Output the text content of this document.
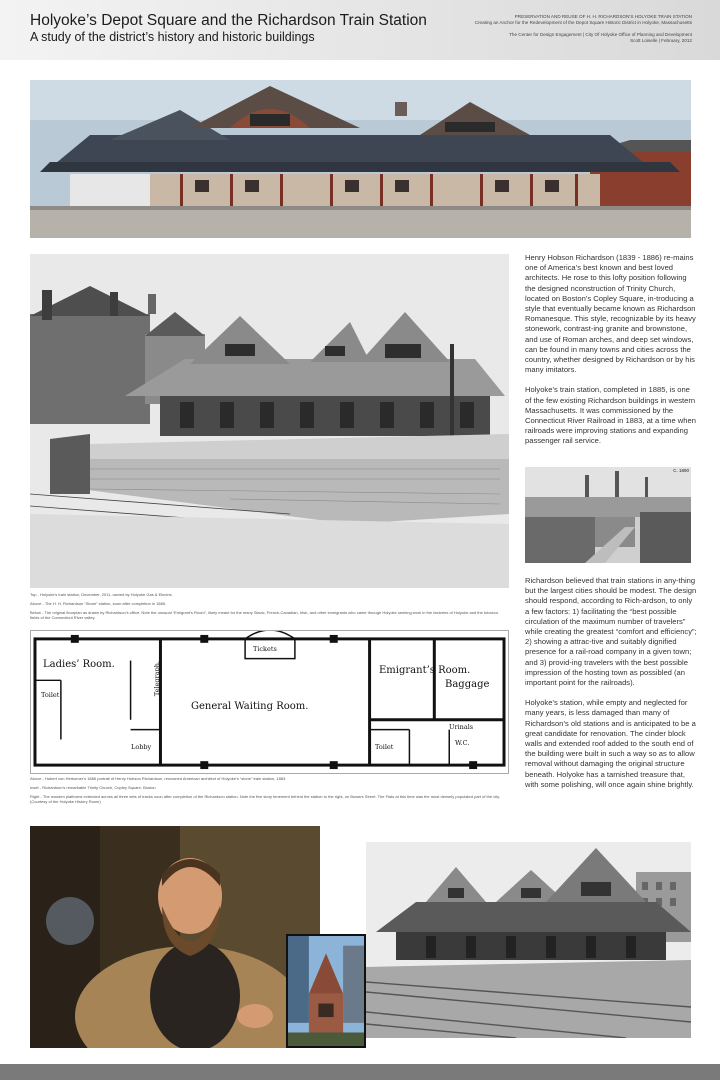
Holyoke’s Depot Square and the Richardson Train Station
A study of the district’s history and historic buildings
PRESERVATION AND REUSE OF H. H. RICHARDSON’S HOLYOKE TRAIN STATION
Creating an Anchor for the Redevelopment of the Depot Square Historic District in Holyoke, Massachusetts
The Center for Design Engagement | City Of Holyoke Office of Planning and Development
Scott Loiselle | February, 2012

Henry Hobson Richardson (1839 - 1886) re-mains one of America’s best known and best loved architects. He rose to this lofty position following the designed nconstruction of Trinity Church, located on Boston’s Copley Square, in-troducing a style that eventually became known as Richardson Romanesque. This style, recognizable by its heavy stonework, contrast-ing granite and brownstone, and use of Roman arches, and deep set windows, can be found in many towns and cities across the country, whether designed by Richardson or by his many imitators.

Holyoke’s train station, completed in 1885, is one of the few existing Richardson buildings in western Massachusetts. It was commissioned by the Connecticut River Railroad in 1883, at a time when railroads were improving stations and expanding passenger rail service.

C. 1890

Top - Holyoke’s train station, December, 2011, owned by Holyoke Gas & Electric.

Above - The H. H. Richardson “Stone” station, soon after completion in 1885.

Below - The original floorplan as drawn by Richardson’s office. Note the unusual “Emigrant’s Room”, likely meant for the many Slavic, French-Canadian, Irish, and other immigrants who came through Holyoke seeking work in the factories of Holyoke and the tobacco fields of the Connecticut River valley.

Ladies’ Room.	Telegraph.
Tickets
General Waiting Room.
Emigrant’s Room.
Baggage
Toilet
Lobby
Urinals
W.C.
Toilet

Richardson believed that train stations in any-thing but the largest cities should be modest. The design should respond, according to Rich-ardson, to only a few factors: 1) facilitating the “best possible circulation of the maximum number of travelers” while creating the greatest “comfort and efficiency”; 2) showing a attrac-tive and suitably dignified presence for a rail-road company in a given town; and 3) provid-ing travelers with the best possible impression of the hosting town as possibled (an important point for the railroads).

Holyoke’s station, while empty and neglected for many years, is less damaged than many of Richardson’s old stations and is anticipated to be a great candidate for renovation. The cinder block walls and extended roof added to the south end of the building were built in such a way so as to allow removal without damaging the original structure beneath. Holyoke has a tarnished treasure that, with some polishing, will once again shine brightly.

Above - Hubert von Herkomer’s 1886 portrait of Henry Hobson Richardson, renowned American architect of Holyoke’s “stone” train station, 1883.

Inset - Richardson’s remarkable Trinity Church, Copley Square, Boston

Right - The wooden platforms extended across all three sets of tracks soon after completion of the Richardson station. Note the five story tenement behind the station to the right, on Bowers Street. The Flats at this time was the most densely populated part of the city. (Courtesy of the Holyoke History Room)
